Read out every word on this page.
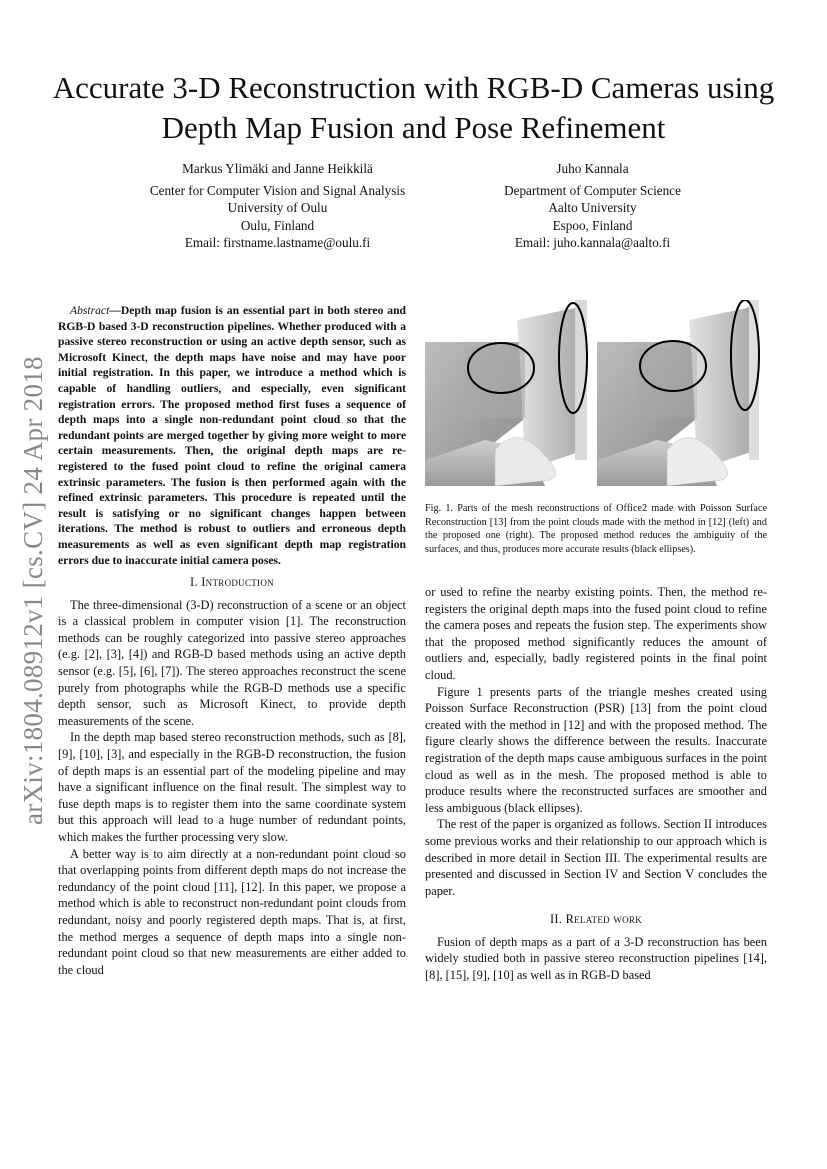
Accurate 3-D Reconstruction with RGB-D Cameras using Depth Map Fusion and Pose Refinement
Markus Ylimäki and Janne Heikkilä
Center for Computer Vision and Signal Analysis
University of Oulu
Oulu, Finland
Email: firstname.lastname@oulu.fi
Juho Kannala
Department of Computer Science
Aalto University
Espoo, Finland
Email: juho.kannala@aalto.fi
arXiv:1804.08912v1 [cs.CV] 24 Apr 2018
Abstract—Depth map fusion is an essential part in both stereo and RGB-D based 3-D reconstruction pipelines. Whether produced with a passive stereo reconstruction or using an active depth sensor, such as Microsoft Kinect, the depth maps have noise and may have poor initial registration. In this paper, we introduce a method which is capable of handling outliers, and especially, even significant registration errors. The proposed method first fuses a sequence of depth maps into a single non-redundant point cloud so that the redundant points are merged together by giving more weight to more certain measurements. Then, the original depth maps are re-registered to the fused point cloud to refine the original camera extrinsic parameters. The fusion is then performed again with the refined extrinsic parameters. This procedure is repeated until the result is satisfying or no significant changes happen between iterations. The method is robust to outliers and erroneous depth measurements as well as even significant depth map registration errors due to inaccurate initial camera poses.
I. Introduction

The three-dimensional (3-D) reconstruction of a scene or an object is a classical problem in computer vision [1]. The reconstruction methods can be roughly categorized into passive stereo approaches (e.g. [2], [3], [4]) and RGB-D based methods using an active depth sensor (e.g. [5], [6], [7]). The stereo approaches reconstruct the scene purely from photographs while the RGB-D methods use a specific depth sensor, such as Microsoft Kinect, to provide depth measurements of the scene.

In the depth map based stereo reconstruction methods, such as [8], [9], [10], [3], and especially in the RGB-D reconstruction, the fusion of depth maps is an essential part of the modeling pipeline and may have a significant influence on the final result. The simplest way to fuse depth maps is to register them into the same coordinate system but this approach will lead to a huge number of redundant points, which makes the further processing very slow.

A better way is to aim directly at a non-redundant point cloud so that overlapping points from different depth maps do not increase the redundancy of the point cloud [11], [12]. In this paper, we propose a method which is able to reconstruct non-redundant point clouds from redundant, noisy and poorly registered depth maps. That is, at first, the method merges a sequence of depth maps into a single non-redundant point cloud so that new measurements are either added to the cloud

Fig. 1. Parts of the mesh reconstructions of Office2 made with Poisson Surface Reconstruction [13] from the point clouds made with the method in [12] (left) and the proposed one (right). The proposed method reduces the ambiguity of the surfaces, and thus, produces more accurate results (black ellipses).

or used to refine the nearby existing points. Then, the method re-registers the original depth maps into the fused point cloud to refine the camera poses and repeats the fusion step. The experiments show that the proposed method significantly reduces the amount of outliers and, especially, badly registered points in the final point cloud.

Figure 1 presents parts of the triangle meshes created using Poisson Surface Reconstruction (PSR) [13] from the point cloud created with the method in [12] and with the proposed method. The figure clearly shows the difference between the results. Inaccurate registration of the depth maps cause ambiguous surfaces in the point cloud as well as in the mesh. The proposed method is able to produce results where the reconstructed surfaces are smoother and less ambiguous (black ellipses).

The rest of the paper is organized as follows. Section II introduces some previous works and their relationship to our approach which is described in more detail in Section III. The experimental results are presented and discussed in Section IV and Section V concludes the paper.

II. Related work

Fusion of depth maps as a part of a 3-D reconstruction has been widely studied both in passive stereo reconstruction pipelines [14], [8], [15], [9], [10] as well as in RGB-D based
